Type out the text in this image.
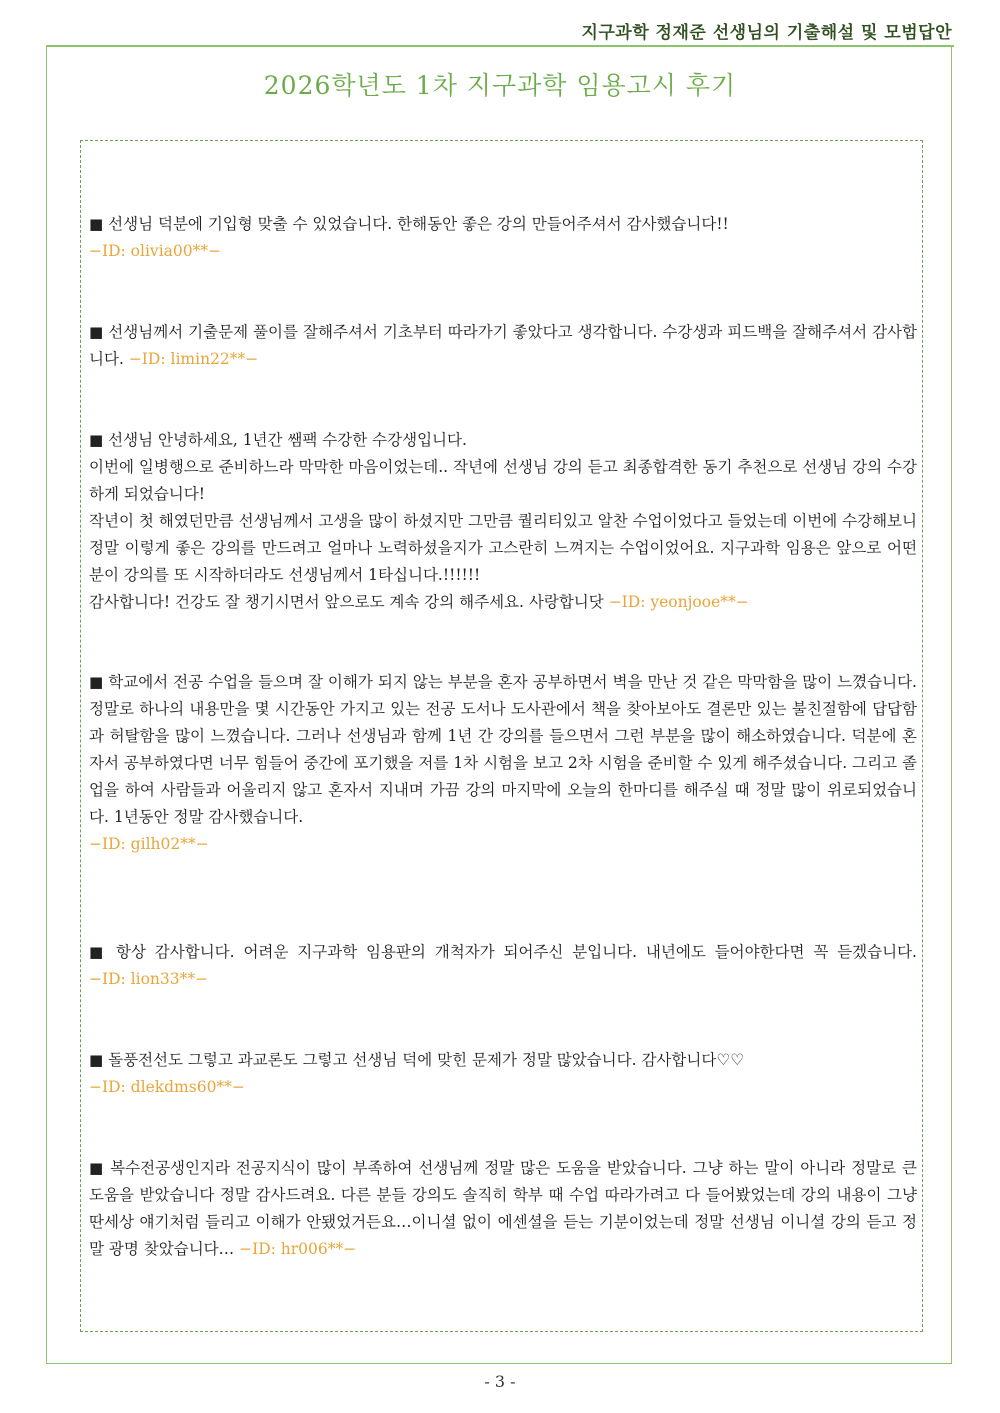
지구과학 정재준 선생님의 기출해설 및 모범답안
2026학년도 1차 지구과학 임용고시 후기
■ 선생님 덕분에 기입형 맞출 수 있었습니다. 한해동안 좋은 강의 만들어주셔서 감사했습니다!!
−ID: olivia00**−
■ 선생님께서 기출문제 풀이를 잘해주셔서 기초부터 따라가기 좋았다고 생각합니다. 수강생과 피드백을 잘해주셔서 감사합니다. −ID: limin22**−
■ 선생님 안녕하세요, 1년간 쌤팩 수강한 수강생입니다.
이번에 일병행으로 준비하느라 막막한 마음이었는데.. 작년에 선생님 강의 듣고 최종합격한 동기 추천으로 선생님 강의 수강하게 되었습니다!
작년이 첫 해였던만큼 선생님께서 고생을 많이 하셨지만 그만큼 퀄리티있고 알찬 수업이었다고 들었는데 이번에 수강해보니 정말 이렇게 좋은 강의를 만드려고 얼마나 노력하셨을지가 고스란히 느껴지는 수업이었어요. 지구과학 임용은 앞으로 어떤 분이 강의를 또 시작하더라도 선생님께서 1타십니다.!!!!!!
감사합니다! 건강도 잘 챙기시면서 앞으로도 계속 강의 해주세요. 사랑합니닷 −ID: yeonjooe**−
■ 학교에서 전공 수업을 들으며 잘 이해가 되지 않는 부분을 혼자 공부하면서 벽을 만난 것 같은 막막함을 많이 느꼈습니다. 정말로 하나의 내용만을 몇 시간동안 가지고 있는 전공 도서나 도사관에서 책을 찾아보아도 결론만 있는 불친절함에 답답함과 허탈함을 많이 느꼈습니다. 그러나 선생님과 함께 1년 간 강의를 들으면서 그런 부분을 많이 해소하였습니다. 덕분에 혼자서 공부하였다면 너무 힘들어 중간에 포기했을 저를 1차 시험을 보고 2차 시험을 준비할 수 있게 해주셨습니다. 그리고 졸업을 하여 사람들과 어울리지 않고 혼자서 지내며 가끔 강의 마지막에 오늘의 한마디를 해주실 때 정말 많이 위로되었습니다. 1년동안 정말 감사했습니다.
−ID: gilh02**−
■ 항상 감사합니다. 어려운 지구과학 임용판의 개척자가 되어주신 분입니다. 내년에도 들어야한다면 꼭 듣겠습니다. −ID: lion33**−
■ 돌풍전선도 그렇고 과교론도 그렇고 선생님 덕에 맞힌 문제가 정말 많았습니다. 감사합니다♡♡
−ID: dlekdms60**−
■ 복수전공생인지라 전공지식이 많이 부족하여 선생님께 정말 많은 도움을 받았습니다. 그냥 하는 말이 아니라 정말로 큰 도움을 받았습니다 정말 감사드려요. 다른 분들 강의도 솔직히 학부 때 수업 따라가려고 다 들어봤었는데 강의 내용이 그냥 딴세상 얘기처럼 들리고 이해가 안됐었거든요…이니셜 없이 에센셜을 듣는 기분이었는데 정말 선생님 이니셜 강의 듣고 정말 광명 찾았습니다… −ID: hr006**−
- 3 -
